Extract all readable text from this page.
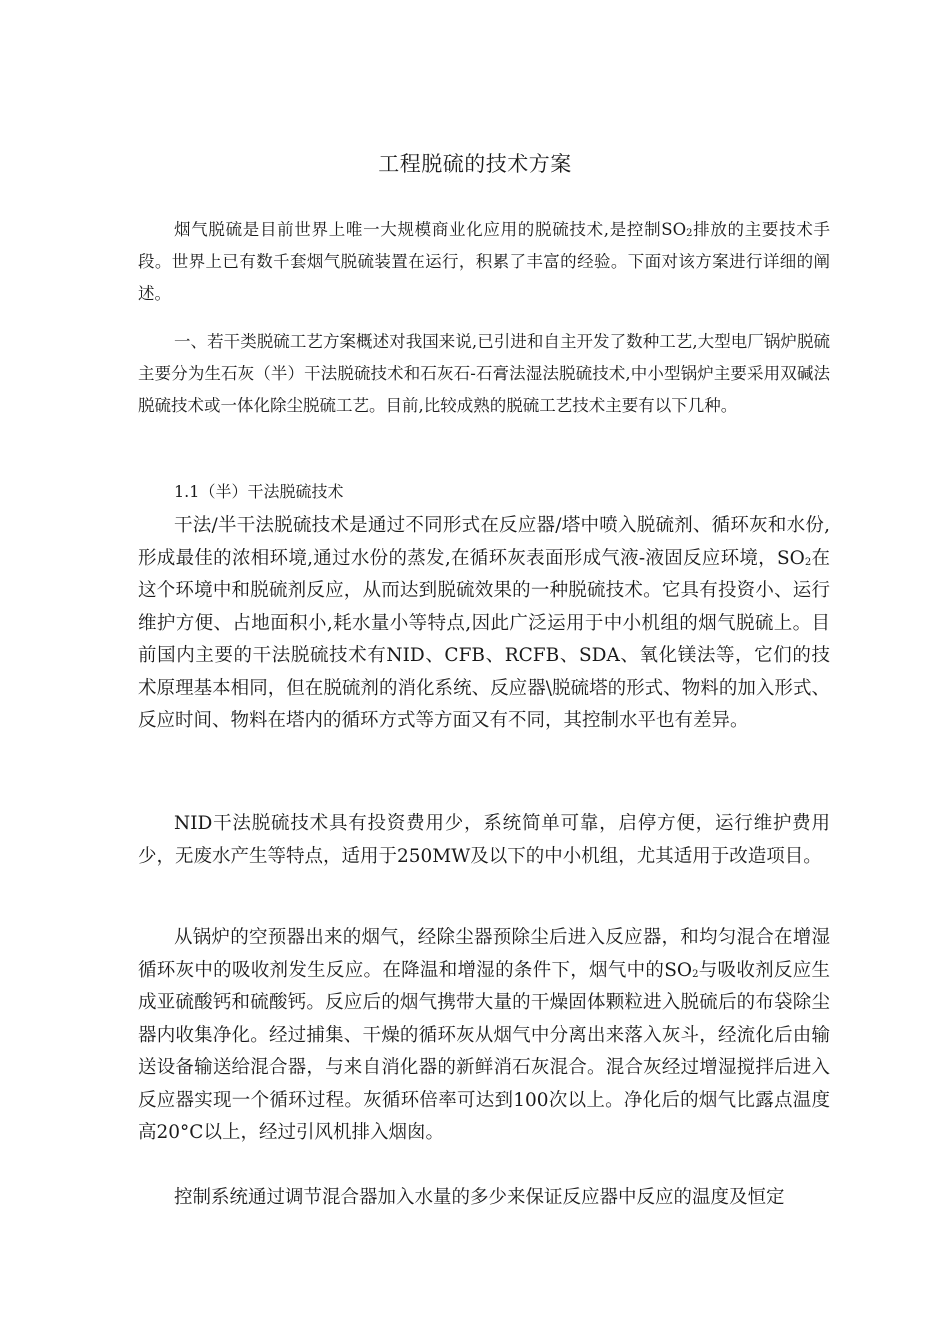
工程脱硫的技术方案

烟气脱硫是目前世界上唯一大规模商业化应用的脱硫技术,是控制$SO_2$排放的主要技术手段。世界上已有数千套烟气脱硫装置在运行，积累了丰富的经验。下面对该方案进行详细的阐述。

一、若干类脱硫工艺方案概述对我国来说,已引进和自主开发了数种工艺,大型电厂锅炉脱硫主要分为生石灰（半）干法脱硫技术和石灰石-石膏法湿法脱硫技术,中小型锅炉主要采用双碱法脱硫技术或一体化除尘脱硫工艺。目前,比较成熟的脱硫工艺技术主要有以下几种。

1.1（半）干法脱硫技术

干法/半干法脱硫技术是通过不同形式在反应器/塔中喷入脱硫剂、循环灰和水份,形成最佳的浓相环境,通过水份的蒸发,在循环灰表面形成气液-液固反应环境，$SO_2$在这个环境中和脱硫剂反应，从而达到脱硫效果的一种脱硫技术。它具有投资小、运行维护方便、占地面积小,耗水量小等特点,因此广泛运用于中小机组的烟气脱硫上。目前国内主要的干法脱硫技术有NID、CFB、RCFB、SDA、氧化镁法等，它们的技术原理基本相同，但在脱硫剂的消化系统、反应器\脱硫塔的形式、物料的加入形式、反应时间、物料在塔内的循环方式等方面又有不同，其控制水平也有差异。

NID干法脱硫技术具有投资费用少，系统简单可靠，启停方便，运行维护费用少，无废水产生等特点，适用于250MW及以下的中小机组，尤其适用于改造项目。

从锅炉的空预器出来的烟气，经除尘器预除尘后进入反应器，和均匀混合在增湿循环灰中的吸收剂发生反应。在降温和增湿的条件下，烟气中的$SO_2$与吸收剂反应生成亚硫酸钙和硫酸钙。反应后的烟气携带大量的干燥固体颗粒进入脱硫后的布袋除尘器内收集净化。经过捕集、干燥的循环灰从烟气中分离出来落入灰斗，经流化后由输送设备输送给混合器，与来自消化器的新鲜消石灰混合。混合灰经过增湿搅拌后进入反应器实现一个循环过程。灰循环倍率可达到100次以上。净化后的烟气比露点温度高20°C以上，经过引风机排入烟囱。

控制系统通过调节混合器加入水量的多少来保证反应器中反应的温度及恒定
